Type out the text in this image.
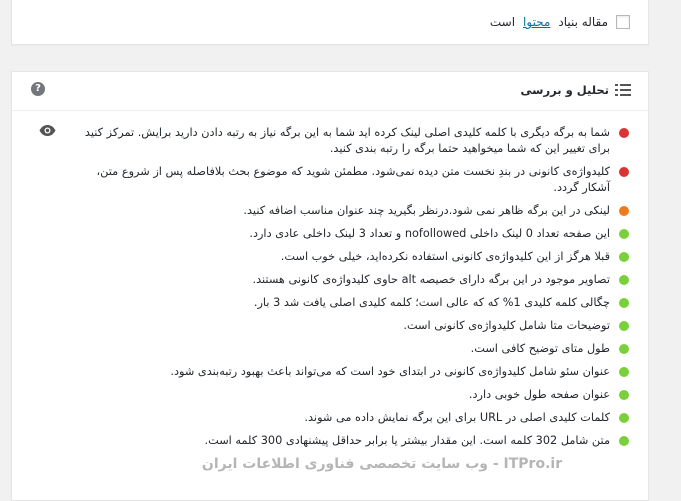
مقاله بنیاد
محتوا
است
تحلیل و بررسی
?
شما به برگه دیگری با کلمه کلیدی اصلی لینک کرده اید شما به این برگه نیاز به رتبه دادن دارید برایش. تمرکز کنید برای تغییر این که شما میخواهید حتما برگه را رتبه بندی کنید.
کلیدواژه‌ی کانونی در بندِ نخست متن دیده نمی‌شود. مطمئن شوید که موضوع بحث بلافاصله پس از شروع متن، آشکار گردد.
لینکی در این برگه ظاهر نمی شود.درنظر بگیرید چند عنوان مناسب اضافه کنید.
این صفحه تعداد 0 لینک داخلی nofollowed و تعداد 3 لینک داخلی عادی دارد.
قبلا هرگز از این کلیدواژه‌ی کانونی استفاده نکرده‌اید، خیلی خوب است.
تصاویر موجود در این برگه دارای خصیصه alt حاوی کلیدواژه‌ی کانونی هستند.
چگالی کلمه کلیدی 1% که که عالی است؛ کلمه کلیدی اصلی یافت شد 3 بار.
توضیحات متا شامل کلیدواژه‌ی کانونی است.
طول متای توضیح کافی است.
عنوان سئو شامل کلیدواژه‌ی کانونی در ابتدای خود است که می‌تواند باعث بهبود رتبه‌بندی شود.
عنوان صفحه طول خوبی دارد.
کلمات کلیدی اصلی در URL برای این برگه نمایش داده می شوند.
متن شامل 302 کلمه است. این مقدار بیشتر یا برابر حداقل پیشنهادی 300 کلمه است.
ITPro.ir - وب سایت تخصصی فناوری اطلاعات ایران
